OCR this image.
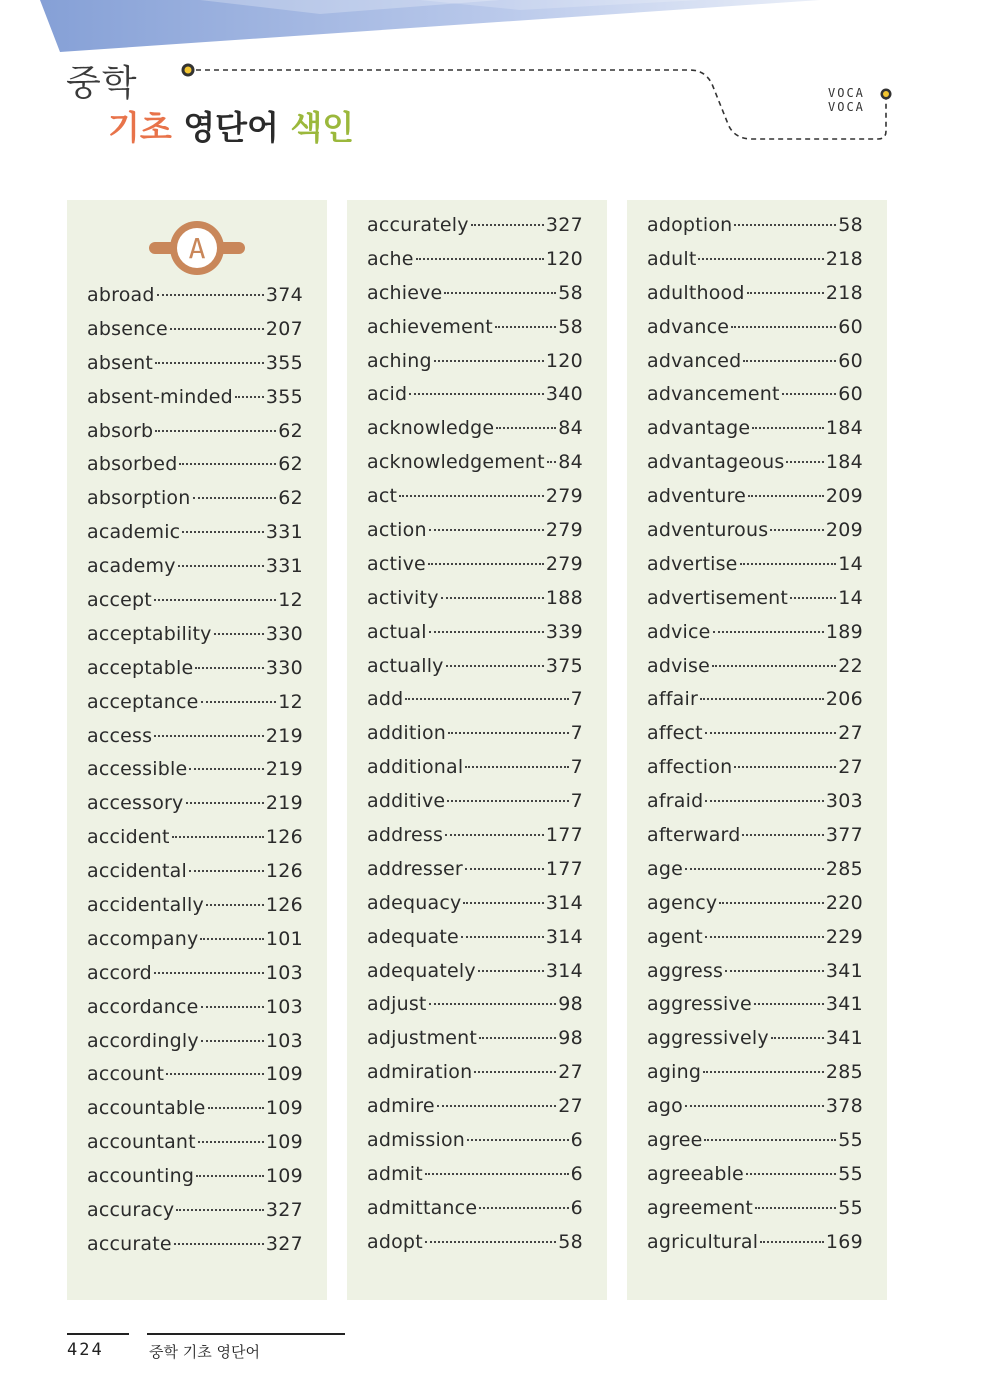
중학
기초 영단어 색인
VOCA
VOCA
A
abroad	374
absence	207
absent	355
absent-minded 355
absorb	62
absorbed	62
absorption	62
academic	331
academy	331
accept	12
acceptability	330
acceptable	330
acceptance	12
access	219
accessible	219
accessory	219
accident	126
accidental	126
accidentally	126
accompany	101
accord	103
accordance	103
accordingly	103
account	109
accountable	109
accountant	109
accounting	109
accuracy	327
accurate	327
accurately	327
ache	120
achieve	58
achievement	58
aching	120
acid	340
acknowledge	84
acknowledgement 84
act	279
action	279
active	279
activity	188
actual	339
actually	375
add	7
addition	7
additional	7
additive	7
address	177
addresser	177
adequacy	314
adequate	314
adequately	314
adjust	98
adjustment	98
admiration	27
admire	27
admission	6
admit	6
admittance	6
adopt	58
adoption	58
adult	218
adulthood	218
advance	60
advanced	60
advancement	60
advantage	184
advantageous 184
adventure	209
adventurous	209
advertise	14
advertisement	14
advice	189
advise	22
affair	206
affect	27
affection	27
afraid	303
afterward	377
age	285
agency	220
agent	229
aggress	341
aggressive	341
aggressively	341
aging	285
ago	378
agree	55
agreeable	55
agreement	55
agricultural	169
424	중학 기초 영단어
